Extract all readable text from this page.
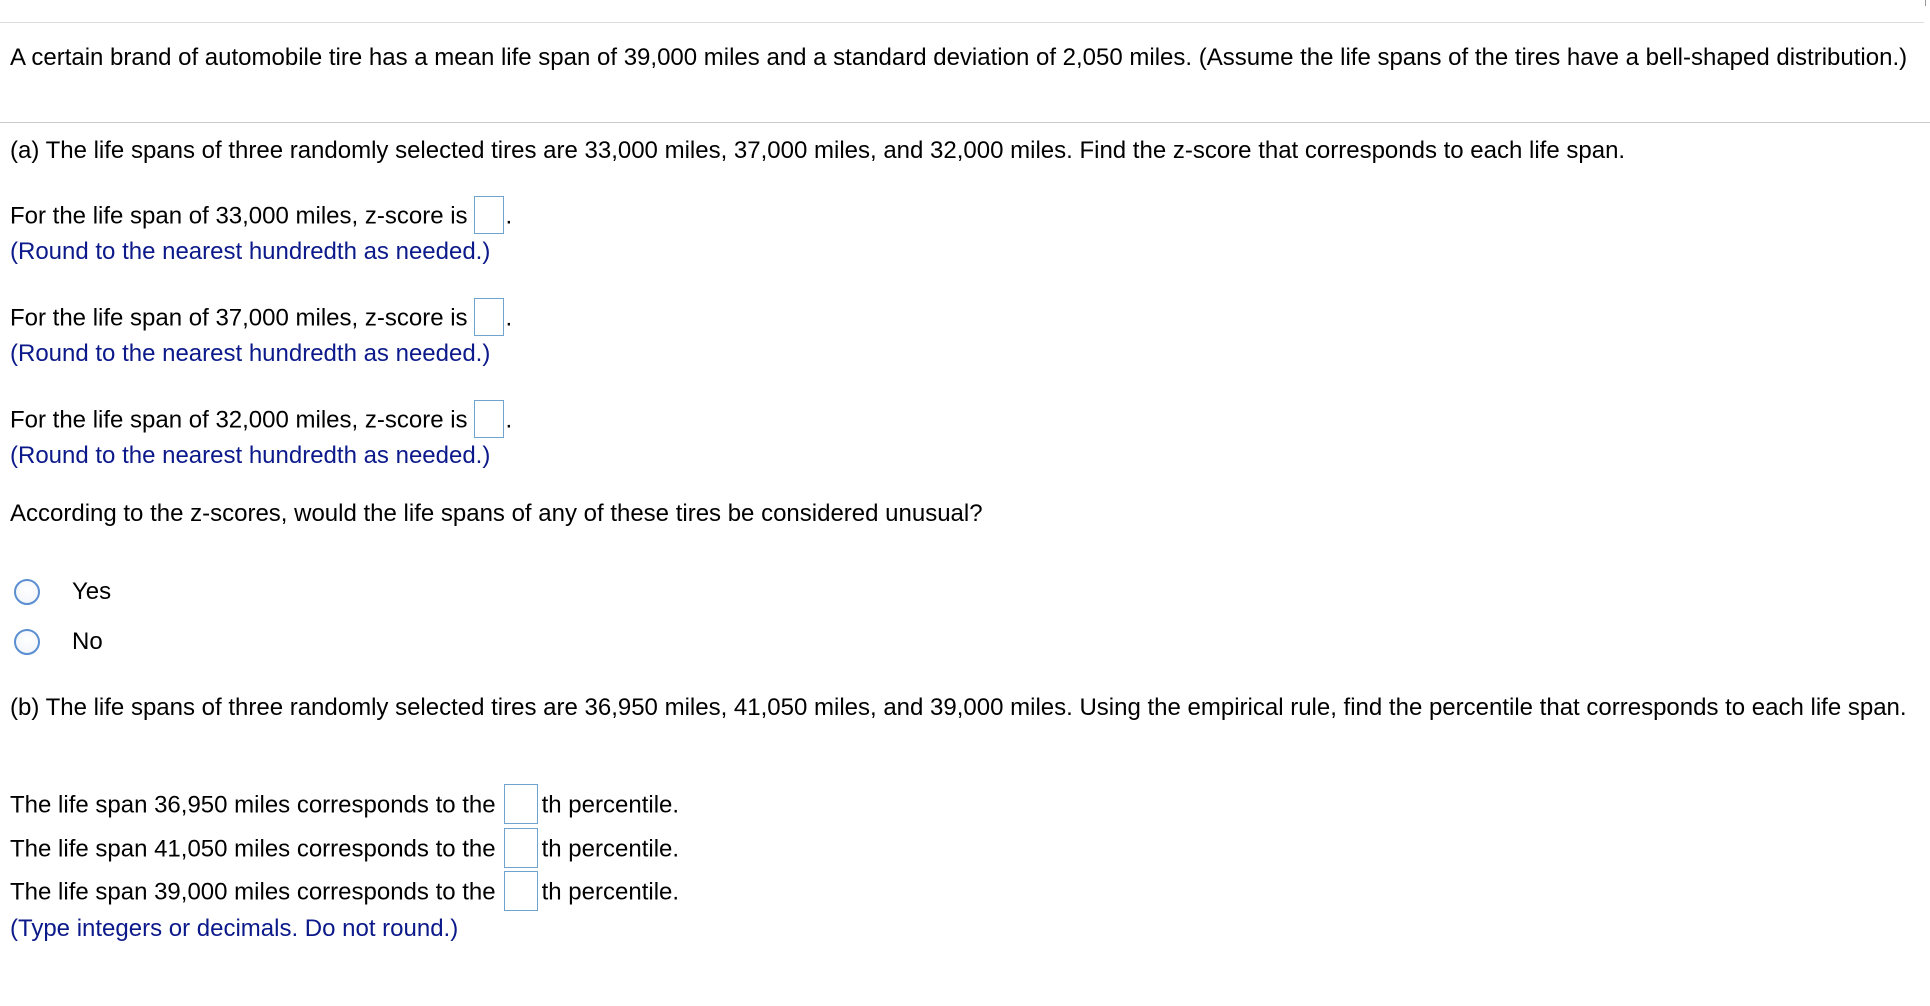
A certain brand of automobile tire has a mean life span of 39,000 miles and a standard deviation of 2,050 miles. (Assume the life spans of the tires have a bell-shaped distribution.)
(a) The life spans of three randomly selected tires are 33,000 miles, 37,000 miles, and 32,000 miles. Find the z-score that corresponds to each life span.
For the life span of 33,000 miles, z-score is .
(Round to the nearest hundredth as needed.)
For the life span of 37,000 miles, z-score is .
(Round to the nearest hundredth as needed.)
For the life span of 32,000 miles, z-score is .
(Round to the nearest hundredth as needed.)
According to the z-scores, would the life spans of any of these tires be considered unusual?
Yes
No
(b) The life spans of three randomly selected tires are 36,950 miles, 41,050 miles, and 39,000 miles. Using the empirical rule, find the percentile that corresponds to each life span.
The life span 36,950 miles corresponds to the th percentile.
The life span 41,050 miles corresponds to the th percentile.
The life span 39,000 miles corresponds to the th percentile.
(Type integers or decimals. Do not round.)
